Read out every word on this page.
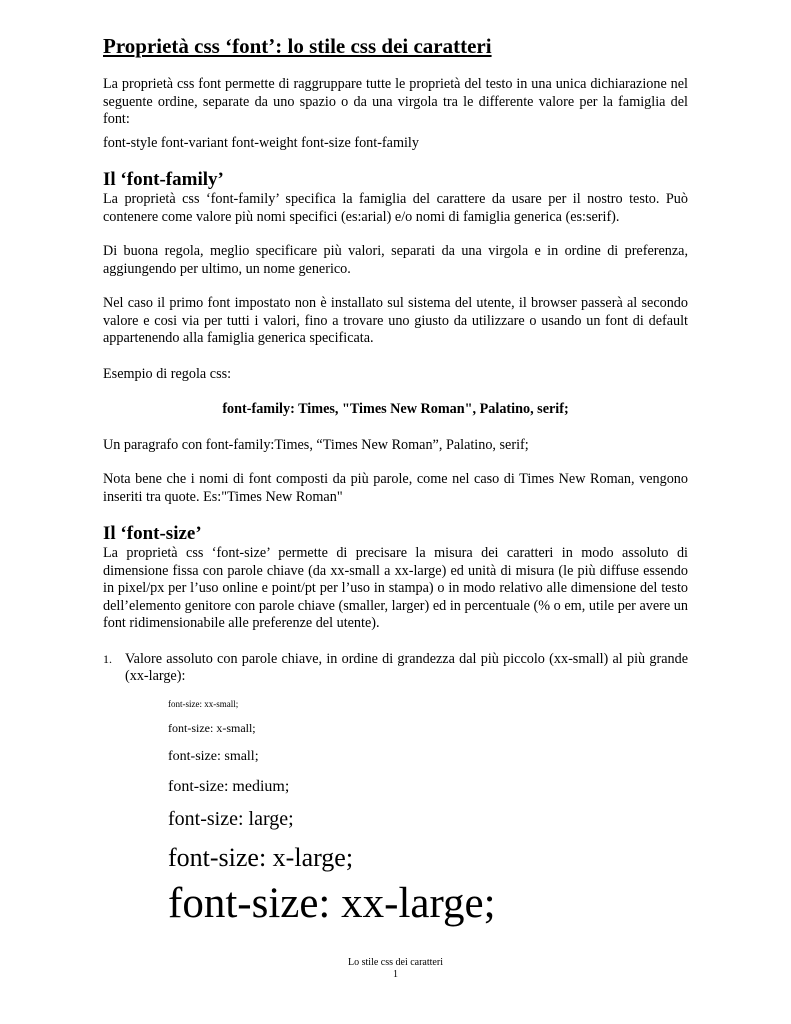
Proprietà css ‘font’: lo stile css dei caratteri

La proprietà css font permette di raggruppare tutte le proprietà del testo in una unica dichiarazione nel seguente ordine, separate da uno spazio o da una virgola tra le differente valore per la famiglia del font:

font-style font-variant font-weight font-size font-family

Il ‘font-family’

La proprietà css ‘font-family’ specifica la famiglia del carattere da usare per il nostro testo. Può contenere come valore più nomi specifici (es:arial) e/o nomi di famiglia generica (es:serif).

Di buona regola, meglio specificare più valori, separati da una virgola e in ordine di preferenza, aggiungendo per ultimo, un nome generico.

Nel caso il primo font impostato non è installato sul sistema del utente, il browser passerà al secondo valore e cosi via per tutti i valori, fino a trovare uno giusto da utilizzare o usando un font di default appartenendo alla famiglia generica specificata.

Esempio di regola css:

font-family: Times, "Times New Roman", Palatino, serif;

Un paragrafo con font-family:Times, “Times New Roman”, Palatino, serif;

Nota bene che i nomi di font composti da più parole, come nel caso di Times New Roman, vengono inseriti tra quote. Es:"Times New Roman"

Il ‘font-size’

La proprietà css ‘font-size’ permette di precisare la misura dei caratteri in modo assoluto di dimensione fissa con parole chiave (da xx-small a xx-large) ed unità di misura (le più diffuse essendo in pixel/px per l’uso online e point/pt per l’uso in stampa) o in modo relativo alle dimensione del testo dell’elemento genitore con parole chiave (smaller, larger) ed in percentuale (% o em, utile per avere un font ridimensionabile alle preferenze del utente).

1. Valore assoluto con parole chiave, in ordine di grandezza dal più piccolo (xx-small) al più grande (xx-large):

font-size: xx-small;
font-size: x-small;
font-size: small;
font-size: medium;
font-size: large;
font-size: x-large;
font-size: xx-large;
Lo stile css dei caratteri
1
